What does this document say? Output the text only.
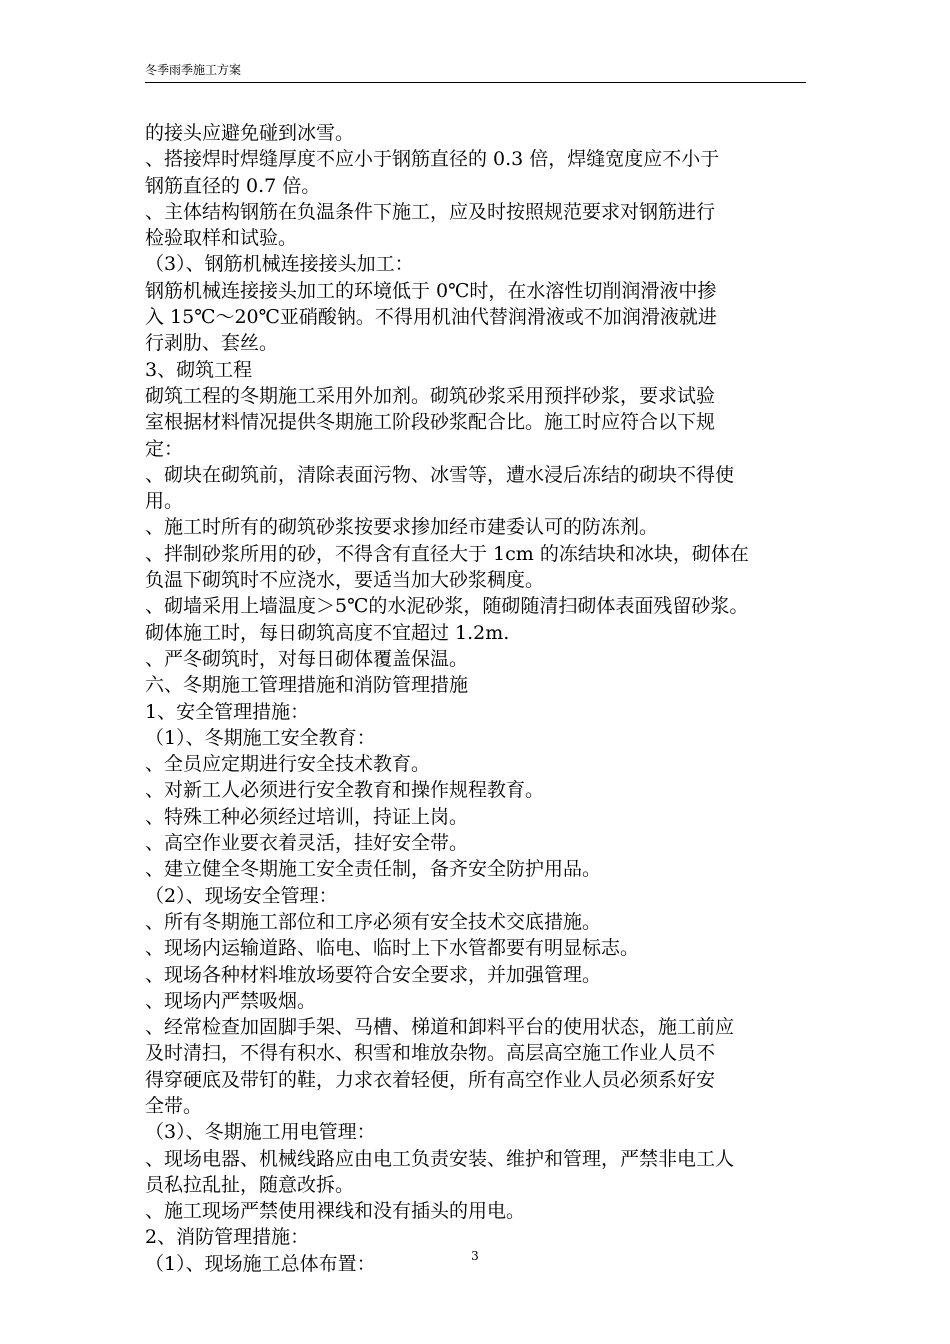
冬季雨季施工方案
的接头应避免碰到冰雪。
、搭接焊时焊缝厚度不应小于钢筋直径的 0.3 倍，焊缝宽度应不小于
钢筋直径的 0.7 倍。
、主体结构钢筋在负温条件下施工，应及时按照规范要求对钢筋进行
检验取样和试验。
（3）、钢筋机械连接接头加工：
钢筋机械连接接头加工的环境低于 0℃时，在水溶性切削润滑液中掺
入 15℃～20℃亚硝酸钠。不得用机油代替润滑液或不加润滑液就进
行剥肋、套丝。
3、砌筑工程
砌筑工程的冬期施工采用外加剂。砌筑砂浆采用预拌砂浆，要求试验
室根据材料情况提供冬期施工阶段砂浆配合比。施工时应符合以下规
定：
、砌块在砌筑前，清除表面污物、冰雪等，遭水浸后冻结的砌块不得使
用。
、施工时所有的砌筑砂浆按要求掺加经市建委认可的防冻剂。
、拌制砂浆所用的砂，不得含有直径大于 1cm 的冻结块和冰块，砌体在
负温下砌筑时不应浇水，要适当加大砂浆稠度。
、砌墙采用上墙温度＞5℃的水泥砂浆，随砌随清扫砌体表面残留砂浆。
砌体施工时，每日砌筑高度不宜超过 1.2m.
、严冬砌筑时，对每日砌体覆盖保温。
六、冬期施工管理措施和消防管理措施
1、安全管理措施：
（1）、冬期施工安全教育：
、全员应定期进行安全技术教育。
、对新工人必须进行安全教育和操作规程教育。
、特殊工种必须经过培训，持证上岗。
、高空作业要衣着灵活，挂好安全带。
、建立健全冬期施工安全责任制，备齐安全防护用品。
（2）、现场安全管理：
、所有冬期施工部位和工序必须有安全技术交底措施。
、现场内运输道路、临电、临时上下水管都要有明显标志。
、现场各种材料堆放场要符合安全要求，并加强管理。
、现场内严禁吸烟。
、经常检查加固脚手架、马槽、梯道和卸料平台的使用状态，施工前应
及时清扫，不得有积水、积雪和堆放杂物。高层高空施工作业人员不
得穿硬底及带钉的鞋，力求衣着轻便，所有高空作业人员必须系好安
全带。
（3）、冬期施工用电管理：
、现场电器、机械线路应由电工负责安装、维护和管理，严禁非电工人
员私拉乱扯，随意改拆。
、施工现场严禁使用裸线和没有插头的用电。
2、消防管理措施：
（1）、现场施工总体布置：	3
